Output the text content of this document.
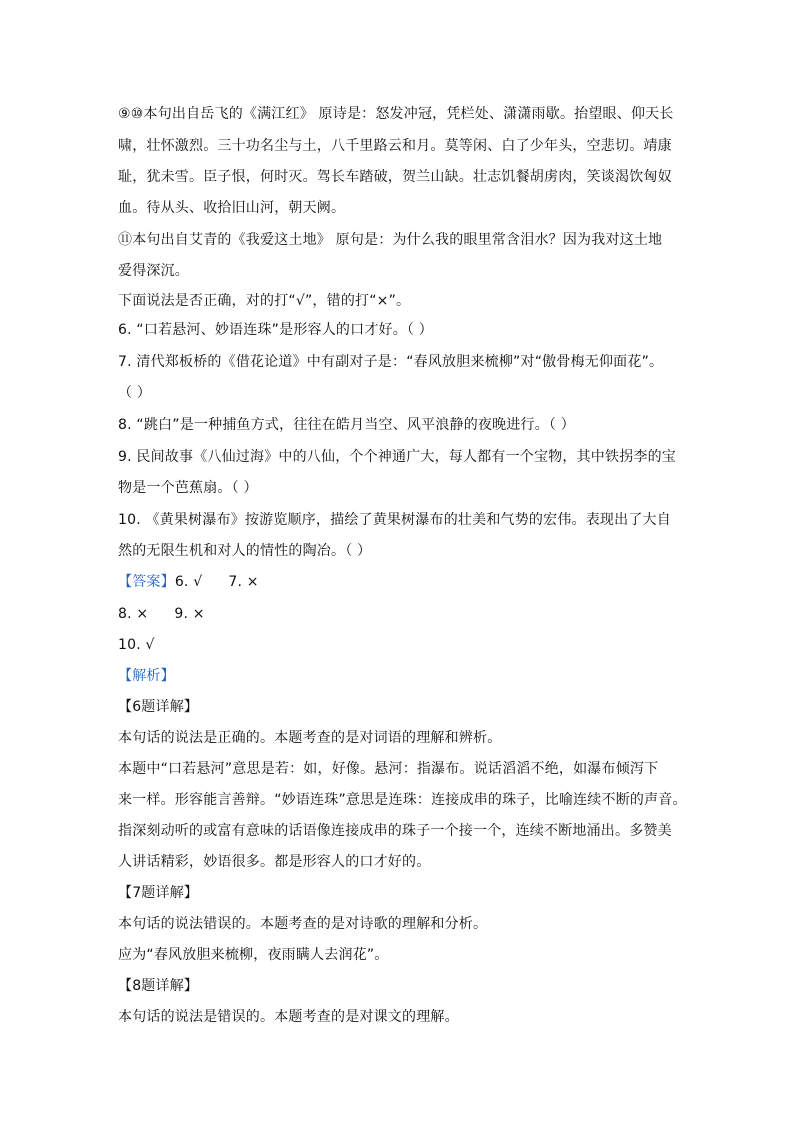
⑨⑩本句出自岳飞的《满江红》 原诗是：怒发冲冠，凭栏处、潇潇雨歇。抬望眼、仰天长
啸，壮怀激烈。三十功名尘与土，八千里路云和月。莫等闲、白了少年头，空悲切。靖康
耻，犹未雪。臣子恨，何时灭。驾长车踏破，贺兰山缺。壮志饥餐胡虏肉，笑谈渴饮匈奴
血。待从头、收拾旧山河，朝天阙。
⑪本句出自艾青的《我爱这土地》 原句是：为什么我的眼里常含泪水？因为我对这土地
爱得深沉。
下面说法是否正确，对的打“√”，错的打“×”。
6. “口若悬河、妙语连珠”是形容人的口才好。（ ）
7. 清代郑板桥的《借花论道》中有副对子是：“春风放胆来梳柳”对“傲骨梅无仰面花”。
（ ）
8. “跳白”是一种捕鱼方式，往往在皓月当空、风平浪静的夜晚进行。（ ）
9. 民间故事《八仙过海》中的八仙，个个神通广大，每人都有一个宝物，其中铁拐李的宝
物是一个芭蕉扇。（ ）
10. 《黄果树瀑布》按游览顺序，描绘了黄果树瀑布的壮美和气势的宏伟。表现出了大自
然的无限生机和对人的情性的陶冶。（ ）
【答案】6. √ 7. ×
8. × 9. ×
10. √
【解析】
【6题详解】
本句话的说法是正确的。本题考查的是对词语的理解和辨析。
本题中“口若悬河”意思是若：如，好像。悬河：指瀑布。说话滔滔不绝，如瀑布倾泻下
来一样。形容能言善辩。“妙语连珠”意思是连珠：连接成串的珠子，比喻连续不断的声音。
指深刻动听的或富有意味的话语像连接成串的珠子一个接一个，连续不断地涌出。多赞美
人讲话精彩，妙语很多。都是形容人的口才好的。
【7题详解】
本句话的说法错误的。本题考查的是对诗歌的理解和分析。
应为“春风放胆来梳柳，夜雨瞒人去润花”。
【8题详解】
本句话的说法是错误的。本题考查的是对课文的理解。
